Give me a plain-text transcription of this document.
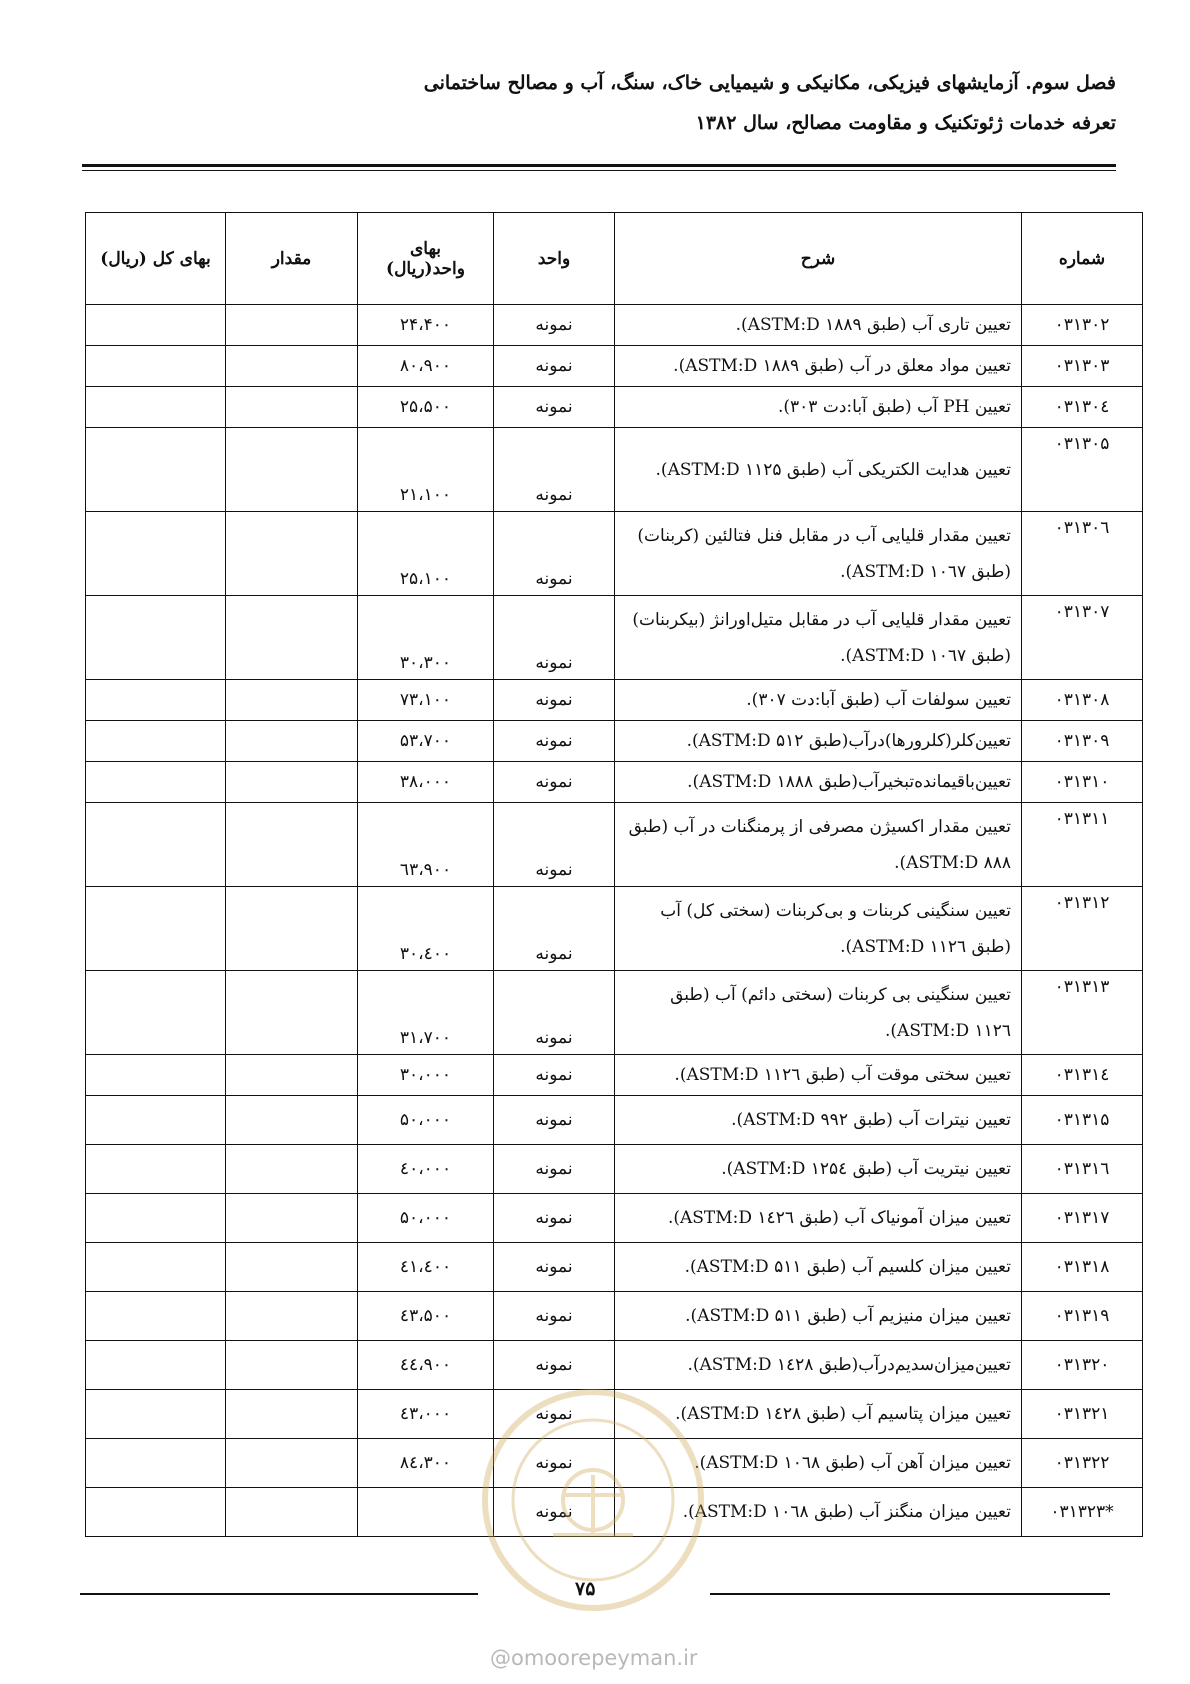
فصل سوم. آزمایشهای فیزیکی، مکانیکی و شیمیایی خاک، سنگ، آب و مصالح ساختمانی

تعرفه خدمات ژئوتکنیک و مقاومت مصالح، سال ۱۳۸۲

شماره	شرح	واحد	بهای واحد(ریال)	مقدار	بهای کل (ریال)
۰۳۱۳۰۲	تعیین تاری آب (طبق ASTM:D ۱۸۸۹).	نمونه	۲۴،۴۰۰		
۰۳۱۳۰۳	تعیین مواد معلق در آب (طبق ASTM:D ۱۸۸۹).	نمونه	۸۰،۹۰۰		
۰۳۱۳۰٤	تعیین PH آب (طبق آبا:دت ۳۰۳).	نمونه	۲۵،۵۰۰		
۰۳۱۳۰۵	تعیین هدایت الکتریکی آب (طبق ASTM:D ۱۱۲۵).	نمونه	۲۱،۱۰۰		
۰۳۱۳۰٦	تعیین مقدار قلیایی آب در مقابل فنل فتالئین (کربنات) (طبق ASTM:D ۱۰٦۷).	نمونه	۲۵،۱۰۰		
۰۳۱۳۰۷	تعیین مقدار قلیایی آب در مقابل متیل‌اورانژ (بیکربنات) (طبق ASTM:D ۱۰٦۷).	نمونه	۳۰،۳۰۰		
۰۳۱۳۰۸	تعیین سولفات آب (طبق آبا:دت ۳۰۷).	نمونه	۷۳،۱۰۰		
۰۳۱۳۰۹	تعیین‌کلر(کلرورها)درآب(طبق ۵۱۲ ASTM:D).	نمونه	۵۳،۷۰۰		
۰۳۱۳۱۰	تعیین‌باقیمانده‌تبخیرآب(طبق ۱۸۸۸ ASTM:D).	نمونه	۳۸،۰۰۰		
۰۳۱۳۱۱	تعیین مقدار اکسیژن مصرفی از پرمنگنات در آب (طبق ASTM:D ۸۸۸).	نمونه	٦۳،۹۰۰		
۰۳۱۳۱۲	تعیین سنگینی کربنات و بی‌کربنات (سختی کل) آب (طبق ASTM:D ۱۱۲٦).	نمونه	۳۰،٤۰۰		
۰۳۱۳۱۳	تعیین سنگینی بی کربنات (سختی دائم) آب (طبق ASTM:D ۱۱۲٦).	نمونه	۳۱،۷۰۰		
۰۳۱۳۱٤	تعیین سختی موقت آب (طبق ASTM:D ۱۱۲٦).	نمونه	۳۰،۰۰۰		
۰۳۱۳۱۵	تعیین نیترات آب (طبق ASTM:D ۹۹۲).	نمونه	۵۰،۰۰۰		
۰۳۱۳۱٦	تعیین نیتریت آب (طبق ASTM:D ۱۲۵٤).	نمونه	٤۰،۰۰۰		
۰۳۱۳۱۷	تعیین میزان آمونیاک آب (طبق ASTM:D ۱٤۲٦).	نمونه	۵۰،۰۰۰		
۰۳۱۳۱۸	تعیین میزان کلسیم آب (طبق ASTM:D ۵۱۱).	نمونه	٤۱،٤۰۰		
۰۳۱۳۱۹	تعیین میزان منیزیم آب (طبق ASTM:D ۵۱۱).	نمونه	٤۳،۵۰۰		
۰۳۱۳۲۰	تعیین‌میزان‌سدیم‌درآب(طبق ASTM:D ۱٤۲۸).	نمونه	٤٤،۹۰۰		
۰۳۱۳۲۱	تعیین میزان پتاسیم آب (طبق ASTM:D ۱٤۲۸).	نمونه	٤۳،۰۰۰		
۰۳۱۳۲۲	تعیین میزان آهن آب (طبق ASTM:D ۱۰٦۸).	نمونه	۸٤،۳۰۰		
۰۳۱۳۲۳*	تعیین میزان منگنز آب (طبق ASTM:D ۱۰٦۸).	نمونه			
۷۵
@omoorepeyman.ir
